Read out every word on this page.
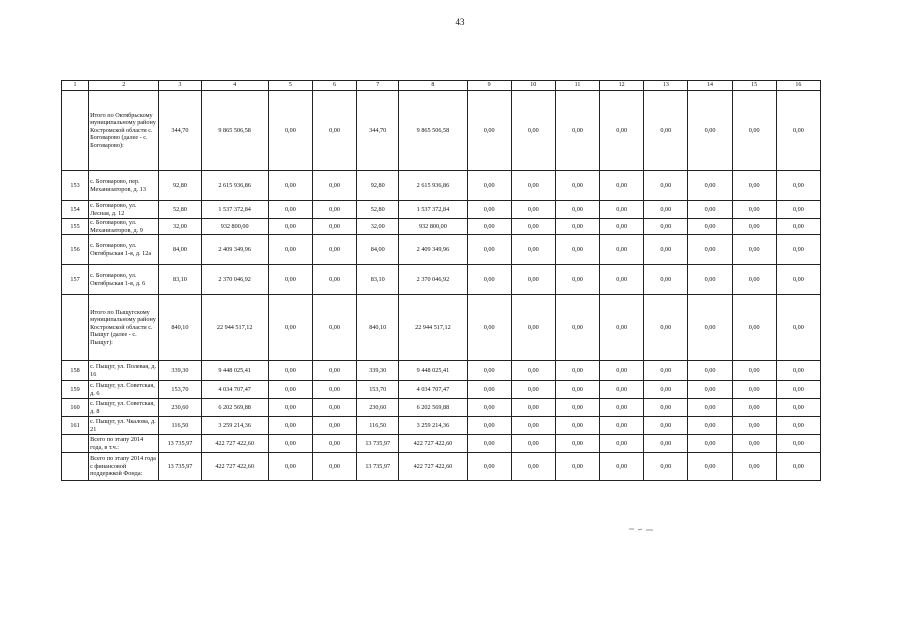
43
1	2	3	4	5	6	7	8	9	10	11	12	13	14	15	16
	Итого по Октябрьскому муниципальному району Костромской области с. Боговарово (далее - с. Боговарово):	344,70	9 865 506,58	0,00	0,00	344,70	9 865 506,58	0,00	0,00	0,00	0,00	0,00	0,00	0,00	0,00
153	с. Боговарово, пер. Механизаторов, д. 13	92,80	2 615 936,86	0,00	0,00	92,80	2 615 936,86	0,00	0,00	0,00	0,00	0,00	0,00	0,00	0,00
154	с. Боговарово, ул. Лесная, д. 12	52,80	1 537 372,84	0,00	0,00	52,80	1 537 372,84	0,00	0,00	0,00	0,00	0,00	0,00	0,00	0,00
155	с. Боговарово, ул. Механизаторов, д. 9	32,00	932 800,00	0,00	0,00	32,00	932 800,00	0,00	0,00	0,00	0,00	0,00	0,00	0,00	0,00
156	с. Боговарово, ул. Октябрьская 1-я, д. 12а	84,00	2 409 349,96	0,00	0,00	84,00	2 409 349,96	0,00	0,00	0,00	0,00	0,00	0,00	0,00	0,00
157	с. Боговарово, ул. Октябрьская 1-я, д. 6	83,10	2 370 046,92	0,00	0,00	83,10	2 370 046,92	0,00	0,00	0,00	0,00	0,00	0,00	0,00	0,00
	Итого по Пыщугскому муниципальному району Костромской области с. Пыщуг (далее - с. Пыщуг):	840,10	22 944 517,12	0,00	0,00	840,10	22 944 517,12	0,00	0,00	0,00	0,00	0,00	0,00	0,00	0,00
158	с. Пыщуг, ул. Полевая, д. 16	339,30	9 448 025,41	0,00	0,00	339,30	9 448 025,41	0,00	0,00	0,00	0,00	0,00	0,00	0,00	0,00
159	с. Пыщуг, ул. Советская, д. 6	153,70	4 034 707,47	0,00	0,00	153,70	4 034 707,47	0,00	0,00	0,00	0,00	0,00	0,00	0,00	0,00
160	с. Пыщуг, ул. Советская, д. 8	230,60	6 202 569,88	0,00	0,00	230,60	6 202 569,88	0,00	0,00	0,00	0,00	0,00	0,00	0,00	0,00
161	с. Пыщуг, ул. Чкалова, д. 21	116,50	3 259 214,36	0,00	0,00	116,50	3 259 214,36	0,00	0,00	0,00	0,00	0,00	0,00	0,00	0,00
	Всего по этапу 2014 года, в т.ч.:	13 735,97	422 727 422,60	0,00	0,00	13 735,97	422 727 422,60	0,00	0,00	0,00	0,00	0,00	0,00	0,00	0,00
	Всего по этапу 2014 года с финансовой поддержкой Фонда:	13 735,97	422 727 422,60	0,00	0,00	13 735,97	422 727 422,60	0,00	0,00	0,00	0,00	0,00	0,00	0,00	0,00
